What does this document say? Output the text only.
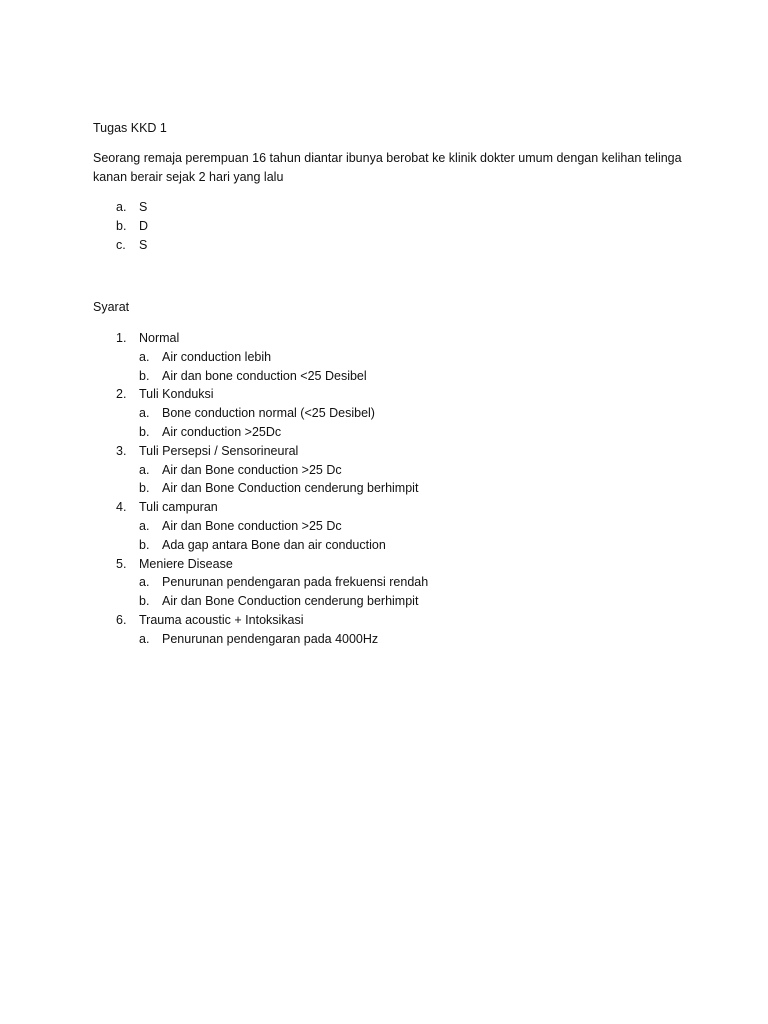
Tugas KKD 1

Seorang remaja perempuan 16 tahun diantar ibunya berobat ke klinik dokter umum dengan kelihan telinga kanan berair sejak 2 hari yang lalu

a. S
b. D
c. S

Syarat

1. Normal
a. Air conduction lebih
b. Air dan bone conduction <25 Desibel
2. Tuli Konduksi
a. Bone conduction normal (<25 Desibel)
b. Air conduction >25Dc
3. Tuli Persepsi / Sensorineural
a. Air dan Bone conduction >25 Dc
b. Air dan Bone Conduction cenderung berhimpit
4. Tuli campuran
a. Air dan Bone conduction >25 Dc
b. Ada gap antara Bone dan air conduction
5. Meniere Disease
a. Penurunan pendengaran pada frekuensi rendah
b. Air dan Bone Conduction cenderung berhimpit
6. Trauma acoustic + Intoksikasi
a. Penurunan pendengaran pada 4000Hz
